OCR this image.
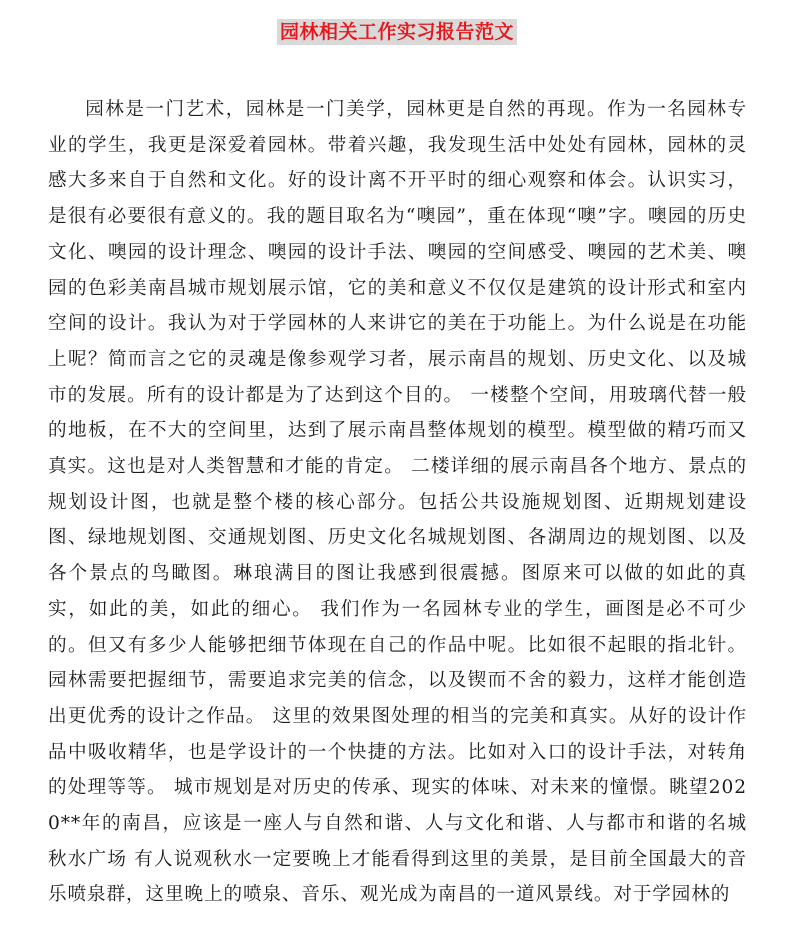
园林相关工作实习报告范文

园林是一门艺术，园林是一门美学，园林更是自然的再现。作为一名园林专业的学生，我更是深爱着园林。带着兴趣，我发现生活中处处有园林，园林的灵感大多来自于自然和文化。好的设计离不开平时的细心观察和体会。认识实习，是很有必要很有意义的。我的题目取名为“噢园”，重在体现“噢”字。噢园的历史文化、噢园的设计理念、噢园的设计手法、噢园的空间感受、噢园的艺术美、噢园的色彩美南昌城市规划展示馆，它的美和意义不仅仅是建筑的设计形式和室内空间的设计。我认为对于学园林的人来讲它的美在于功能上。为什么说是在功能上呢？简而言之它的灵魂是像参观学习者，展示南昌的规划、历史文化、以及城市的发展。所有的设计都是为了达到这个目的。 一楼整个空间，用玻璃代替一般的地板，在不大的空间里，达到了展示南昌整体规划的模型。模型做的精巧而又真实。这也是对人类智慧和才能的肯定。 二楼详细的展示南昌各个地方、景点的规划设计图，也就是整个楼的核心部分。包括公共设施规划图、近期规划建设图、绿地规划图、交通规划图、历史文化名城规划图、各湖周边的规划图、以及各个景点的鸟瞰图。琳琅满目的图让我感到很震撼。图原来可以做的如此的真实，如此的美，如此的细心。 我们作为一名园林专业的学生，画图是必不可少的。但又有多少人能够把细节体现在自己的作品中呢。比如很不起眼的指北针。园林需要把握细节，需要追求完美的信念，以及锲而不舍的毅力，这样才能创造出更优秀的设计之作品。 这里的效果图处理的相当的完美和真实。从好的设计作品中吸收精华，也是学设计的一个快捷的方法。比如对入口的设计手法，对转角的处理等等。 城市规划是对历史的传承、现实的体味、对未来的憧憬。眺望2020**年的南昌，应该是一座人与自然和谐、人与文化和谐、人与都市和谐的名城 秋水广场 有人说观秋水一定要晚上才能看得到这里的美景，是目前全国最大的音乐喷泉群，这里晚上的喷泉、音乐、观光成为南昌的一道风景线。对于学园林的
